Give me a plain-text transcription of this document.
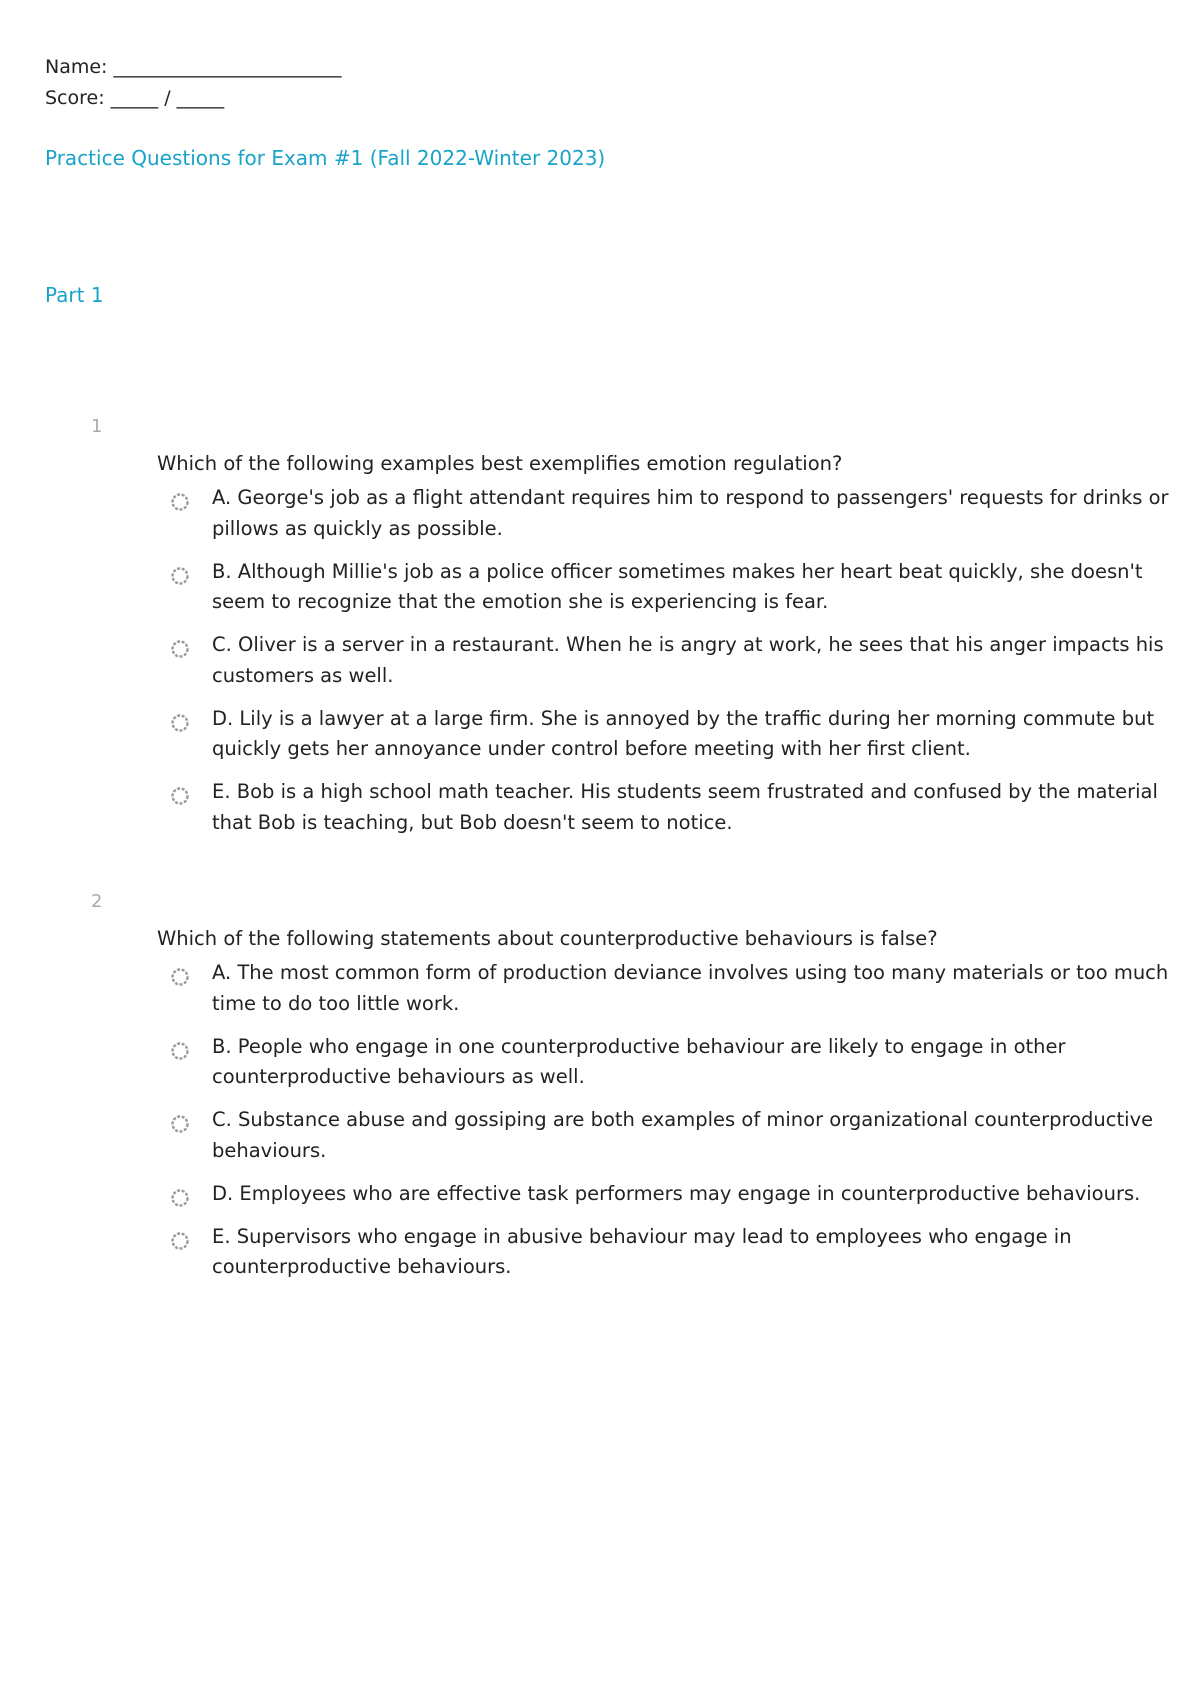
Name: ________________________
Score: _____ / _____
Practice Questions for Exam #1 (Fall 2022-Winter 2023)
Part 1
1
Which of the following examples best exemplifies emotion regulation?
A. George's job as a flight attendant requires him to respond to passengers' requests for drinks or pillows as quickly as possible.
B. Although Millie's job as a police officer sometimes makes her heart beat quickly, she doesn't seem to recognize that the emotion she is experiencing is fear.
C. Oliver is a server in a restaurant. When he is angry at work, he sees that his anger impacts his customers as well.
D. Lily is a lawyer at a large firm. She is annoyed by the traffic during her morning commute but quickly gets her annoyance under control before meeting with her first client.
E. Bob is a high school math teacher. His students seem frustrated and confused by the material that Bob is teaching, but Bob doesn't seem to notice.
2
Which of the following statements about counterproductive behaviours is false?
A. The most common form of production deviance involves using too many materials or too much time to do too little work.
B. People who engage in one counterproductive behaviour are likely to engage in other counterproductive behaviours as well.
C. Substance abuse and gossiping are both examples of minor organizational counterproductive behaviours.
D. Employees who are effective task performers may engage in counterproductive behaviours.
E. Supervisors who engage in abusive behaviour may lead to employees who engage in counterproductive behaviours.
